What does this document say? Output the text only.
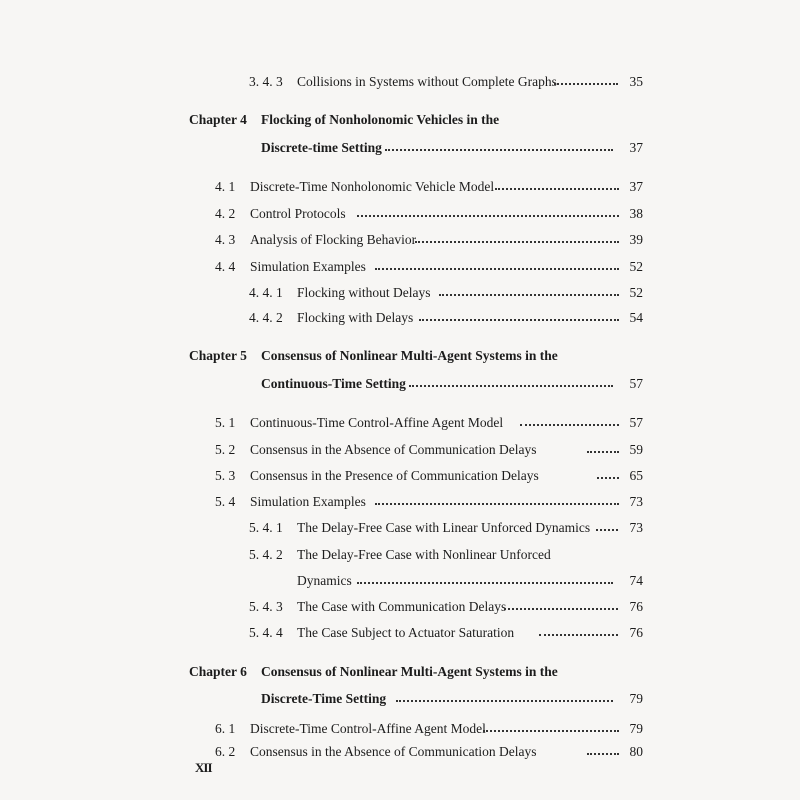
3. 4. 3 Collisions in Systems without Complete Graphs	35
Chapter 4 Flocking of Nonholonomic Vehicles in the
Discrete-time Setting	37
4. 1 Discrete-Time Nonholonomic Vehicle Model	37
4. 2 Control Protocols	38
4. 3 Analysis of Flocking Behavior	39
4. 4 Simulation Examples	52
4. 4. 1 Flocking without Delays	52
4. 4. 2 Flocking with Delays	54
Chapter 5 Consensus of Nonlinear Multi-Agent Systems in the
Continuous-Time Setting	57
5. 1 Continuous-Time Control-Affine Agent Model	57
5. 2 Consensus in the Absence of Communication Delays	59
5. 3 Consensus in the Presence of Communication Delays	65
5. 4 Simulation Examples	73
5. 4. 1 The Delay-Free Case with Linear Unforced Dynamics	73
5. 4. 2 The Delay-Free Case with Nonlinear Unforced
Dynamics	74
5. 4. 3 The Case with Communication Delays	76
5. 4. 4 The Case Subject to Actuator Saturation	76
Chapter 6 Consensus of Nonlinear Multi-Agent Systems in the
Discrete-Time Setting	79
6. 1 Discrete-Time Control-Affine Agent Model	79
6. 2 Consensus in the Absence of Communication Delays	80
XII
